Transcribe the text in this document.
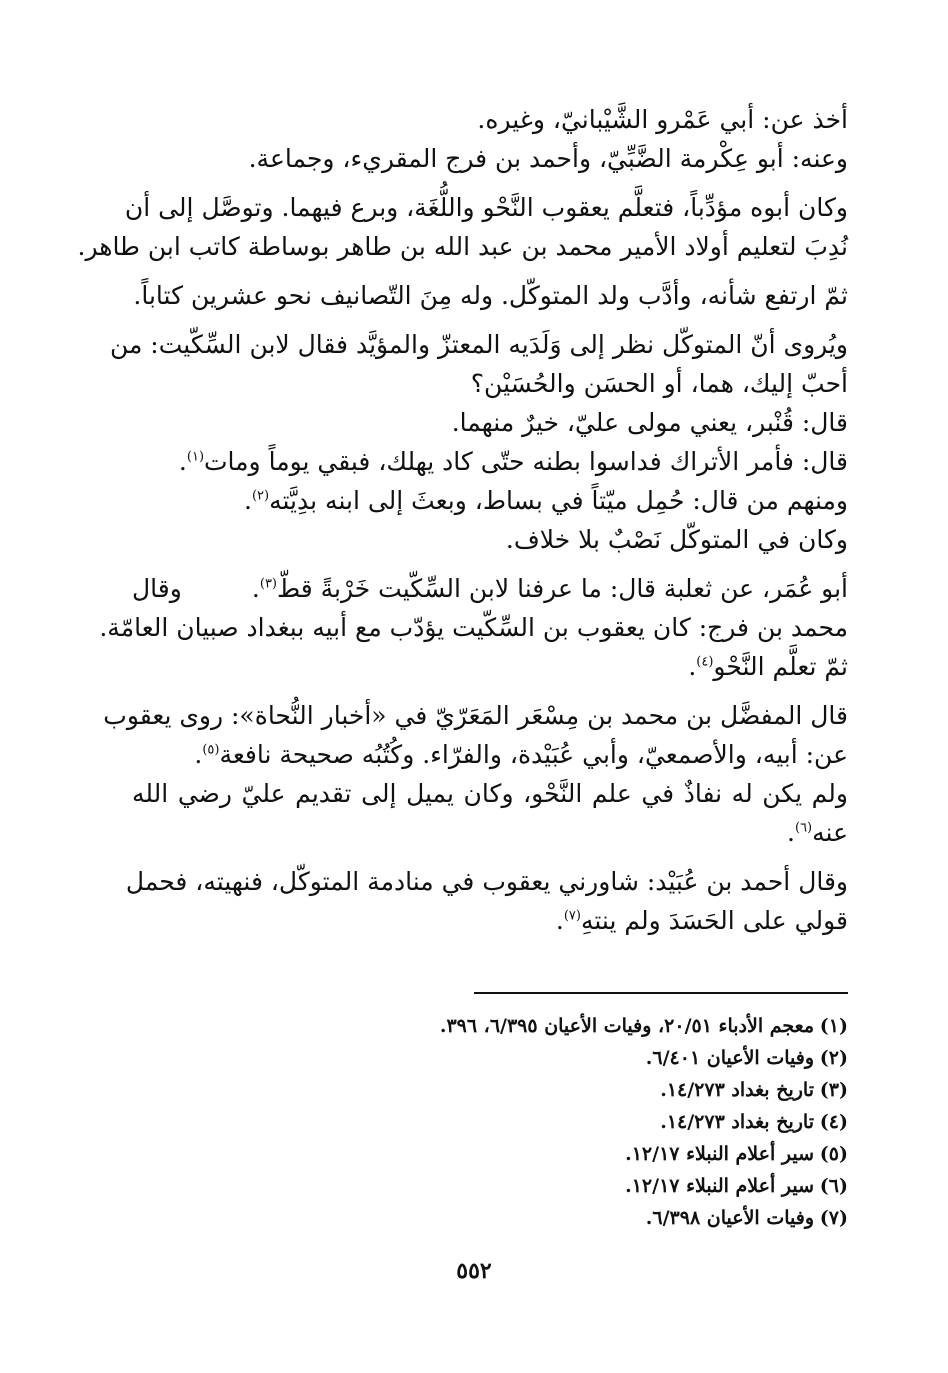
أخذ عن: أبي عَمْرو الشَّيْبانيّ، وغيره.
وعنه: أبو عِكْرمة الضَّبِّيّ، وأحمد بن فرج المقريء، وجماعة.
وكان أبوه مؤدِّباً، فتعلَّم يعقوب النَّحْو واللُّغَة، وبرع فيهما. وتوصَّل إلى أن
نُدِبَ لتعليم أولاد الأمير محمد بن عبد الله بن طاهر بوساطة كاتب ابن طاهر.
ثمّ ارتفع شأنه، وأدَّب ولد المتوكّل. وله مِنَ التّصانيف نحو عشرين كتاباً.
ويُروى أنّ المتوكّل نظر إلى وَلَدَيه المعتزّ والمؤيَّد فقال لابن السِّكّيت: من
أحبّ إليك، هما، أو الحسَن والحُسَيْن؟
قال: قُنْبر، يعني مولى عليّ، خيرٌ منهما.
قال: فأمر الأتراك فداسوا بطنه حتّى كاد يهلك، فبقي يوماً ومات$^{(١)}$.
ومنهم من قال: حُمِل ميّتاً في بساط، وبعثَ إلى ابنه بدِيَّته$^{(٢)}$.
وكان في المتوكّل نَصْبٌ بلا خلاف.
أبو عُمَر، عن ثعلبة قال: ما عرفنا لابن السِّكّيت خَرْبةً قطّ$^{(٣)}$.
وقال
محمد بن فرج: كان يعقوب بن السِّكّيت يؤدّب مع أبيه ببغداد صبيان العامّة.
ثمّ تعلَّم النَّحْو$^{(٤)}$.
قال المفضَّل بن محمد بن مِسْعَر المَعَرّيّ في «أخبار النُّحاة»: روى يعقوب
عن: أبيه، والأصمعيّ، وأبي عُبَيْدة، والفرّاء. وكُتُبُه صحيحة نافعة$^{(٥)}$.
ولم يكن له نفاذٌ في علم النَّحْو، وكان يميل إلى تقديم عليّ رضي الله
عنه$^{(٦)}$.
وقال أحمد بن عُبَيْد: شاورني يعقوب في منادمة المتوكّل، فنهيته، فحمل
قولي على الحَسَدَ ولم ينتهِ$^{(٧)}$.
(١)معجم الأدباء ٢٠/٥١، وفيات الأعيان ٦/٣٩٥، ٣٩٦.
(٢)وفيات الأعيان ٦/٤٠١.
(٣)تاريخ بغداد ١٤/٢٧٣.
(٤)تاريخ بغداد ١٤/٢٧٣.
(٥)سير أعلام النبلاء ١٢/١٧.
(٦)سير أعلام النبلاء ١٢/١٧.
(٧)وفيات الأعيان ٦/٣٩٨.
٥٥٢
